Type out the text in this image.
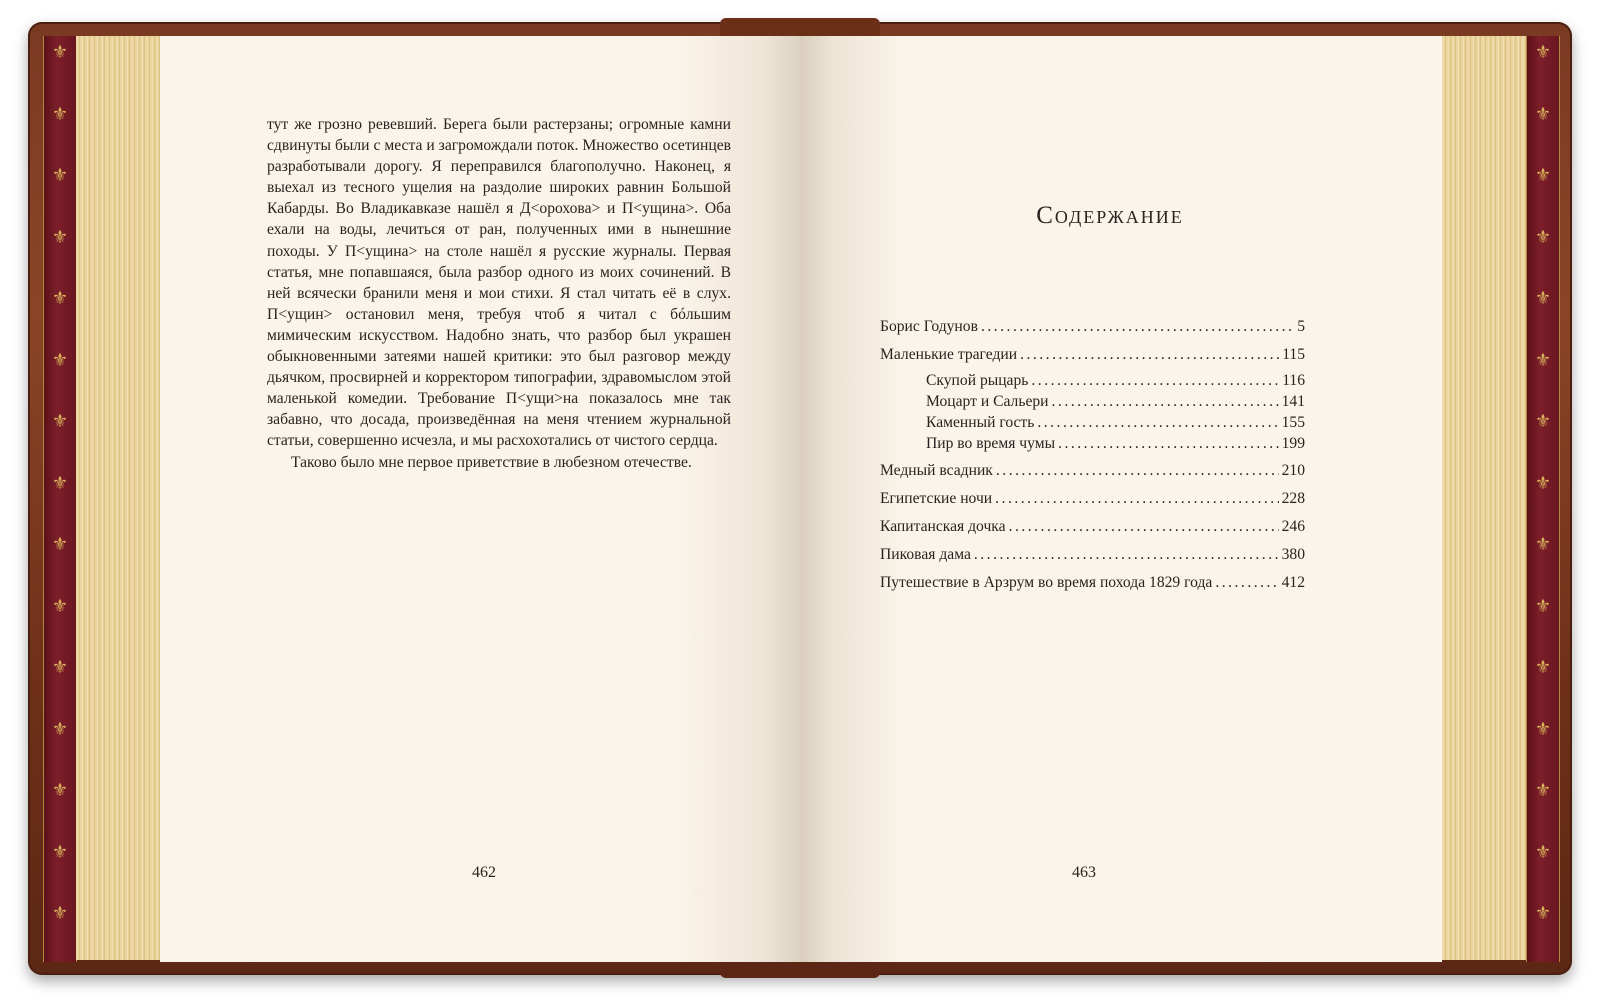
⚜
⚜
⚜
⚜
⚜
⚜
⚜
⚜
⚜
⚜
⚜
⚜
⚜
⚜
⚜
⚜
⚜
⚜
⚜
⚜
⚜
⚜
⚜
⚜
⚜
⚜
⚜
⚜
⚜
⚜

тут же грозно ревевший. Берега были растерзаны; огромные камни сдвинуты были с места и загромождали поток. Множество осетинцев разработывали дорогу. Я переправился благополучно. Наконец, я выехал из тесного ущелия на раздолие широких равнин Большой Кабарды. Во Владикавказе нашёл я Д<орохова> и П<ущина>. Оба ехали на воды, лечиться от ран, полученных ими в нынешние походы. У П<ущина> на столе нашёл я русские журналы. Первая статья, мне попавшаяся, была разбор одного из моих сочинений. В ней всячески бранили меня и мои стихи. Я стал читать её в слух. П<ущин> остановил меня, требуя чтоб я читал с бóльшим мимическим искусством. Надобно знать, что разбор был украшен обыкновенными затеями нашей критики: это был разговор между дьячком, просвирней и корректором типографии, здравомыслом этой маленькой комедии. Требование П<ущи>на показалось мне так забавно, что досада, произведённая на меня чтением журнальной статьи, совершенно исчезла, и мы расхохотались от чистого сердца.

Таково было мне первое приветствие в любезном отечестве.

462
Содержание
Борис Годунов .....	5
Маленькие трагедии .....	115
Скупой рыцарь .....	116
Моцарт и Сальери .....	141
Каменный гость .....	155
Пир во время чумы .....	199
Медный всадник .....	210
Египетские ночи .....	228
Капитанская дочка .....	246
Пиковая дама .....	380
Путешествие в Арзрум во время похода 1829 года .....	412
463
